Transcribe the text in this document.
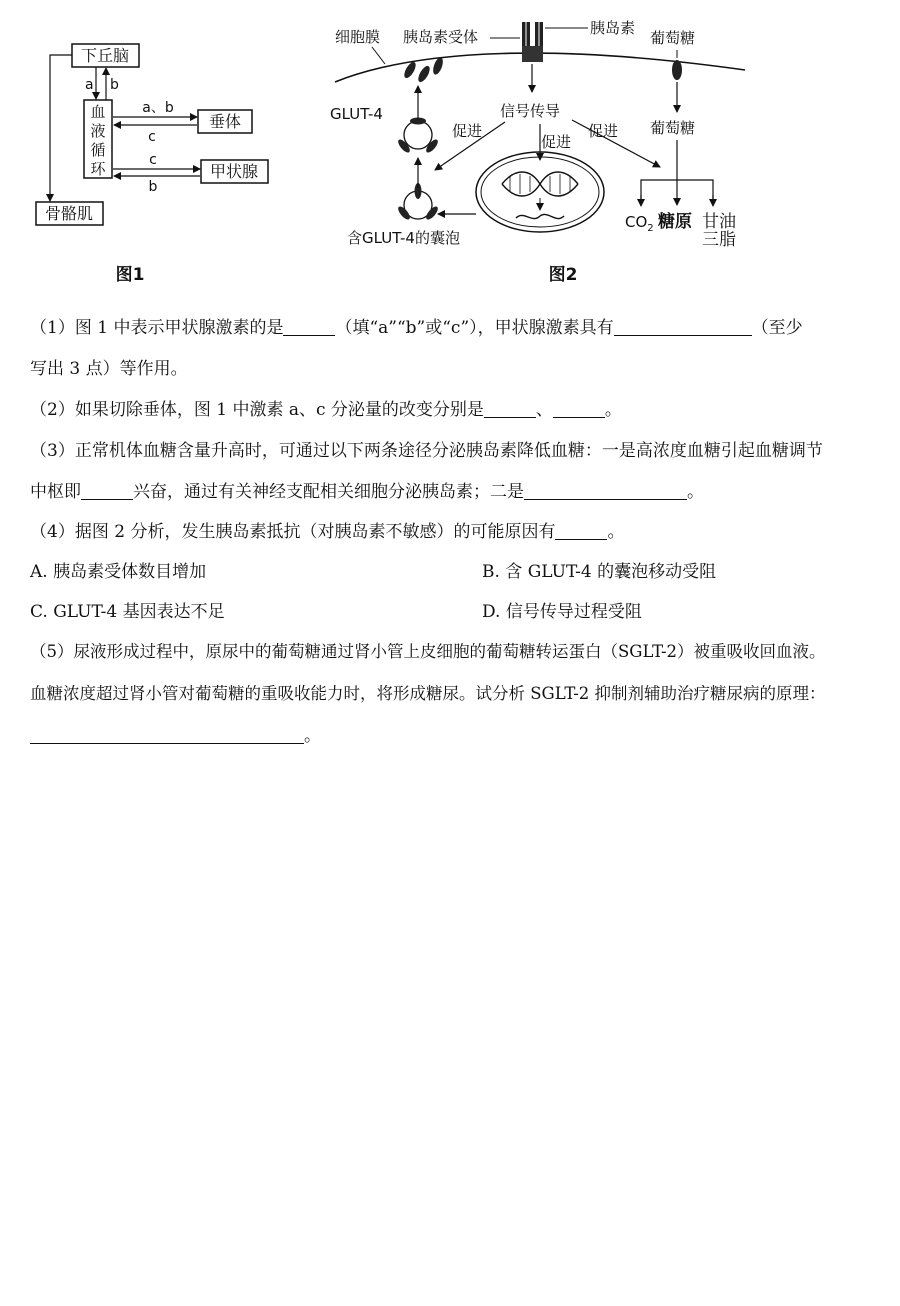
下丘脑
血
液
循
环
垂体
甲状腺
骨骼肌
a b
a、b
c
c
b
图1
细胞膜 胰岛素受体	胰岛素
葡萄糖
葡萄糖
GLUT-4	信号传导
含GLUT-4的囊泡
促进
促进
促进
$CO_2$ 糖原 甘油
三脂
图2
（1）图 1 中表示甲状腺激素的是	（填“a”“b”或“c”），甲状腺激素具有	（至少
写出 3 点）等作用。
（2）如果切除垂体，图 1 中激素 a、c 分泌量的改变分别是	、	。
（3）正常机体血糖含量升高时，可通过以下两条途径分泌胰岛素降低血糖：一是高浓度血糖引起血糖调节
中枢即	兴奋，通过有关神经支配相关细胞分泌胰岛素；二是	。
（4）据图 2 分析，发生胰岛素抵抗（对胰岛素不敏感）的可能原因有	。
A. 胰岛素受体数目增加	B. 含 GLUT-4 的囊泡移动受阻
C. GLUT-4 基因表达不足	D. 信号传导过程受阻
（5）尿液形成过程中，原尿中的葡萄糖通过肾小管上皮细胞的葡萄糖转运蛋白（SGLT-2）被重吸收回血液。
血糖浓度超过肾小管对葡萄糖的重吸收能力时，将形成糖尿。试分析 SGLT-2 抑制剂辅助治疗糖尿病的原理：
。
